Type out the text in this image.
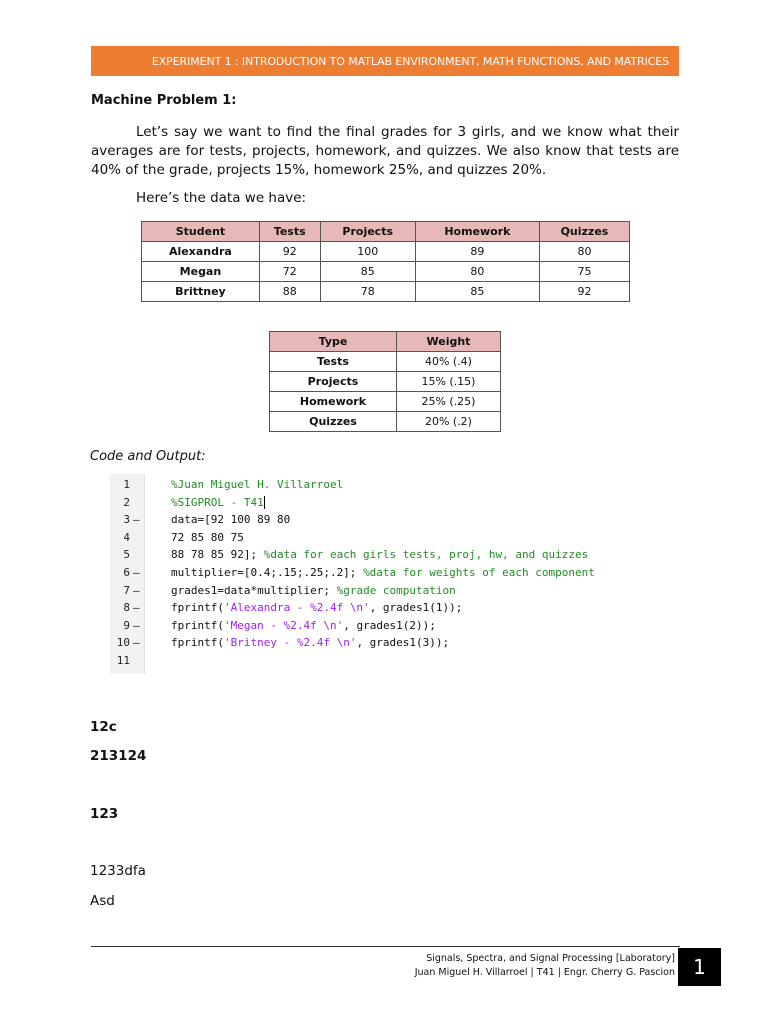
EXPERIMENT 1 : INTRODUCTION TO MATLAB ENVIRONMENT, MATH FUNCTIONS, AND MATRICES
Machine Problem 1:

Let’s say we want to find the final grades for 3 girls, and we know what their averages are for tests, projects, homework, and quizzes. We also know that tests are 40% of the grade, projects 15%, homework 25%, and quizzes 20%.

Here’s the data we have:
Student	Tests	Projects	Homework	Quizzes
Alexandra	92	100	89	80
Megan	72	85	80	75
Brittney	88	78	85	92
Type	Weight
Tests	40% (.4)
Projects	15% (.15)
Homework	25% (.25)
Quizzes	20% (.2)
Code and Output:
1	%Juan Miguel H. Villarroel
2	%SIGPROL - T41
3 –	data=[92 100 89 80
4	72 85 80 75
5	88 78 85 92]; %data for each girls tests, proj, hw, and quizzes
6 –	multiplier=[0.4;.15;.25;.2]; %data for weights of each component
7 –	grades1=data*multiplier; %grade computation
8 –	fprintf('Alexandra - %2.4f \n', grades1(1));
9 –	fprintf('Megan - %2.4f \n', grades1(2));
10 –	fprintf('Britney - %2.4f \n', grades1(3));
11
12c
213124
123
1233dfa
Asd
Signals, Spectra, and Signal Processing [Laboratory]
Juan Miguel H. Villarroel | T41 | Engr. Cherry G. Pascion 1
